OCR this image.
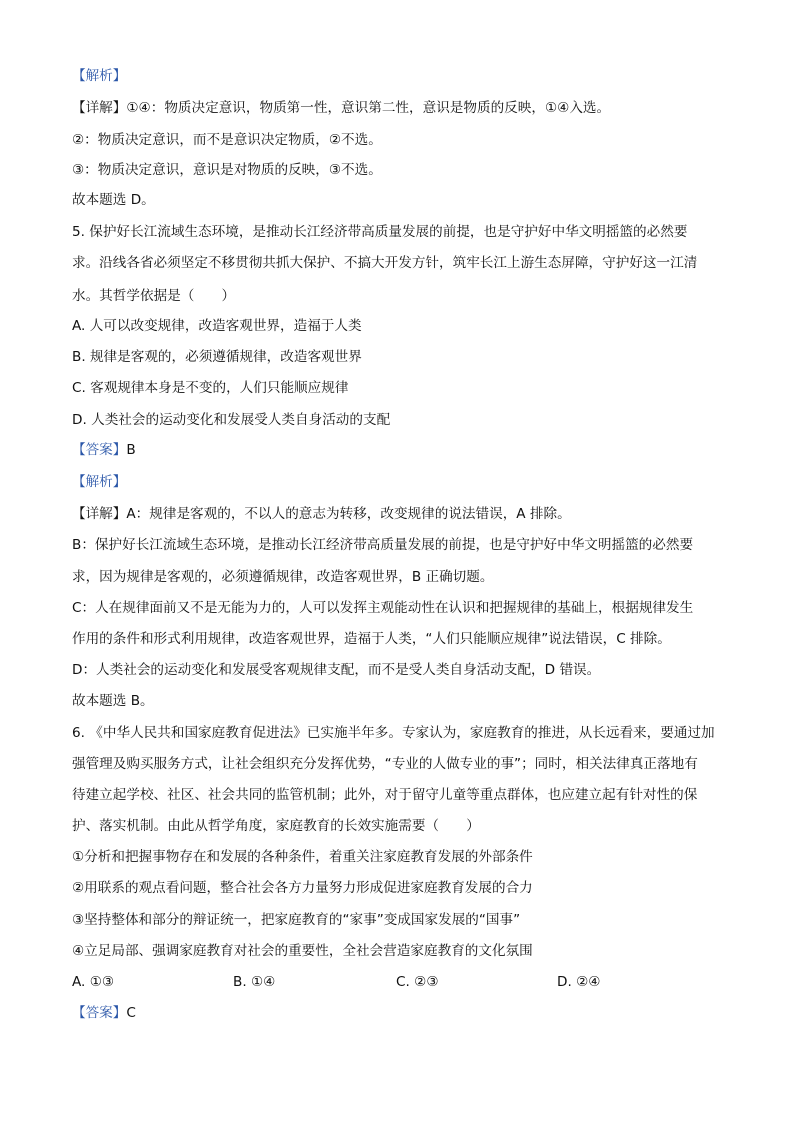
【解析】
【详解】①④：物质决定意识，物质第一性，意识第二性，意识是物质的反映，①④入选。
②：物质决定意识，而不是意识决定物质，②不选。
③：物质决定意识，意识是对物质的反映，③不选。
故本题选 D。
5. 保护好长江流域生态环境，是推动长江经济带高质量发展的前提，也是守护好中华文明摇篮的必然要
求。沿线各省必须坚定不移贯彻共抓大保护、不搞大开发方针，筑牢长江上游生态屏障，守护好这一江清
水。其哲学依据是（　　）
A. 人可以改变规律，改造客观世界，造福于人类
B. 规律是客观的，必须遵循规律，改造客观世界
C. 客观规律本身是不变的，人们只能顺应规律
D. 人类社会的运动变化和发展受人类自身活动的支配
【答案】B
【解析】
【详解】A：规律是客观的，不以人的意志为转移，改变规律的说法错误，A 排除。
B：保护好长江流域生态环境，是推动长江经济带高质量发展的前提，也是守护好中华文明摇篮的必然要
求，因为规律是客观的，必须遵循规律，改造客观世界，B 正确切题。
C：人在规律面前又不是无能为力的，人可以发挥主观能动性在认识和把握规律的基础上，根据规律发生
作用的条件和形式利用规律，改造客观世界，造福于人类，“人们只能顺应规律”说法错误，C 排除。
D：人类社会的运动变化和发展受客观规律支配，而不是受人类自身活动支配，D 错误。
故本题选 B。
6. 《中华人民共和国家庭教育促进法》已实施半年多。专家认为，家庭教育的推进，从长远看来，要通过加
强管理及购买服务方式，让社会组织充分发挥优势，“专业的人做专业的事”；同时，相关法律真正落地有
待建立起学校、社区、社会共同的监管机制；此外，对于留守儿童等重点群体，也应建立起有针对性的保
护、落实机制。由此从哲学角度，家庭教育的长效实施需要（　　）
①分析和把握事物存在和发展的各种条件，着重关注家庭教育发展的外部条件
②用联系的观点看问题，整合社会各方力量努力形成促进家庭教育发展的合力
③坚持整体和部分的辩证统一，把家庭教育的“家事”变成国家发展的“国事”
④立足局部、强调家庭教育对社会的重要性，全社会营造家庭教育的文化氛围
A. ①③	B. ①④	C. ②③	D. ②④
【答案】C
